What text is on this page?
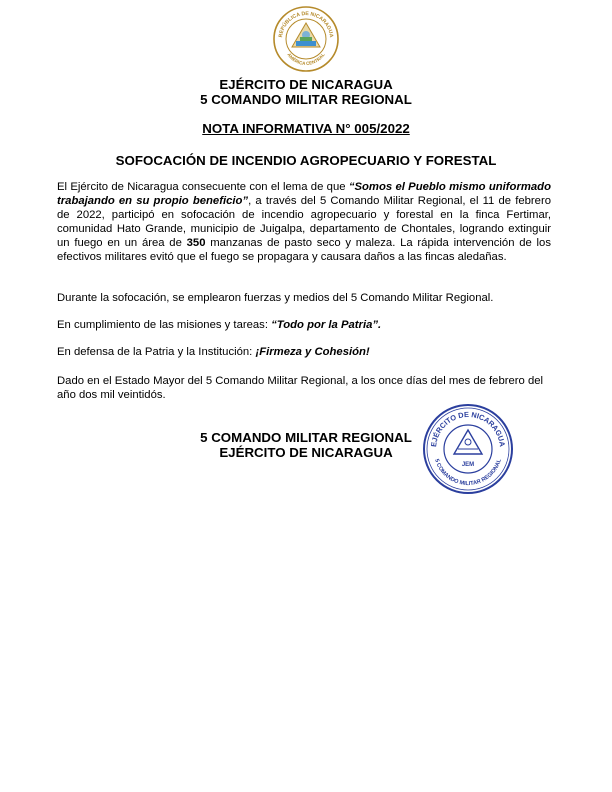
REPÚBLICA DE NICARAGUA
AMÉRICA CENTRAL
EJÉRCITO DE NICARAGUA
5 COMANDO MILITAR REGIONAL
NOTA INFORMATIVA N° 005/2022
SOFOCACIÓN DE INCENDIO AGROPECUARIO Y FORESTAL
El Ejército de Nicaragua consecuente con el lema de que “Somos el Pueblo mismo uniformado trabajando en su propio beneficio”, a través del 5 Comando Militar Regional, el 11 de febrero de 2022, participó en sofocación de incendio agropecuario y forestal en la finca Fertimar, comunidad Hato Grande, municipio de Juigalpa, departamento de Chontales, logrando extinguir un fuego en un área de 350 manzanas de pasto seco y maleza. La rápida intervención de los efectivos militares evitó que el fuego se propagara y causara daños a las fincas aledañas.
Durante la sofocación, se emplearon fuerzas y medios del 5 Comando Militar Regional.
En cumplimiento de las misiones y tareas: “Todo por la Patria”.
En defensa de la Patria y la Institución: ¡Firmeza y Cohesión!
Dado en el Estado Mayor del 5 Comando Militar Regional, a los once días del mes de febrero del año dos mil veintidós.
5 COMANDO MILITAR REGIONAL
EJÉRCITO DE NICARAGUA
EJÉRCITO DE NICARAGUA
5 COMANDO MILITAR REGIONAL
JEM
